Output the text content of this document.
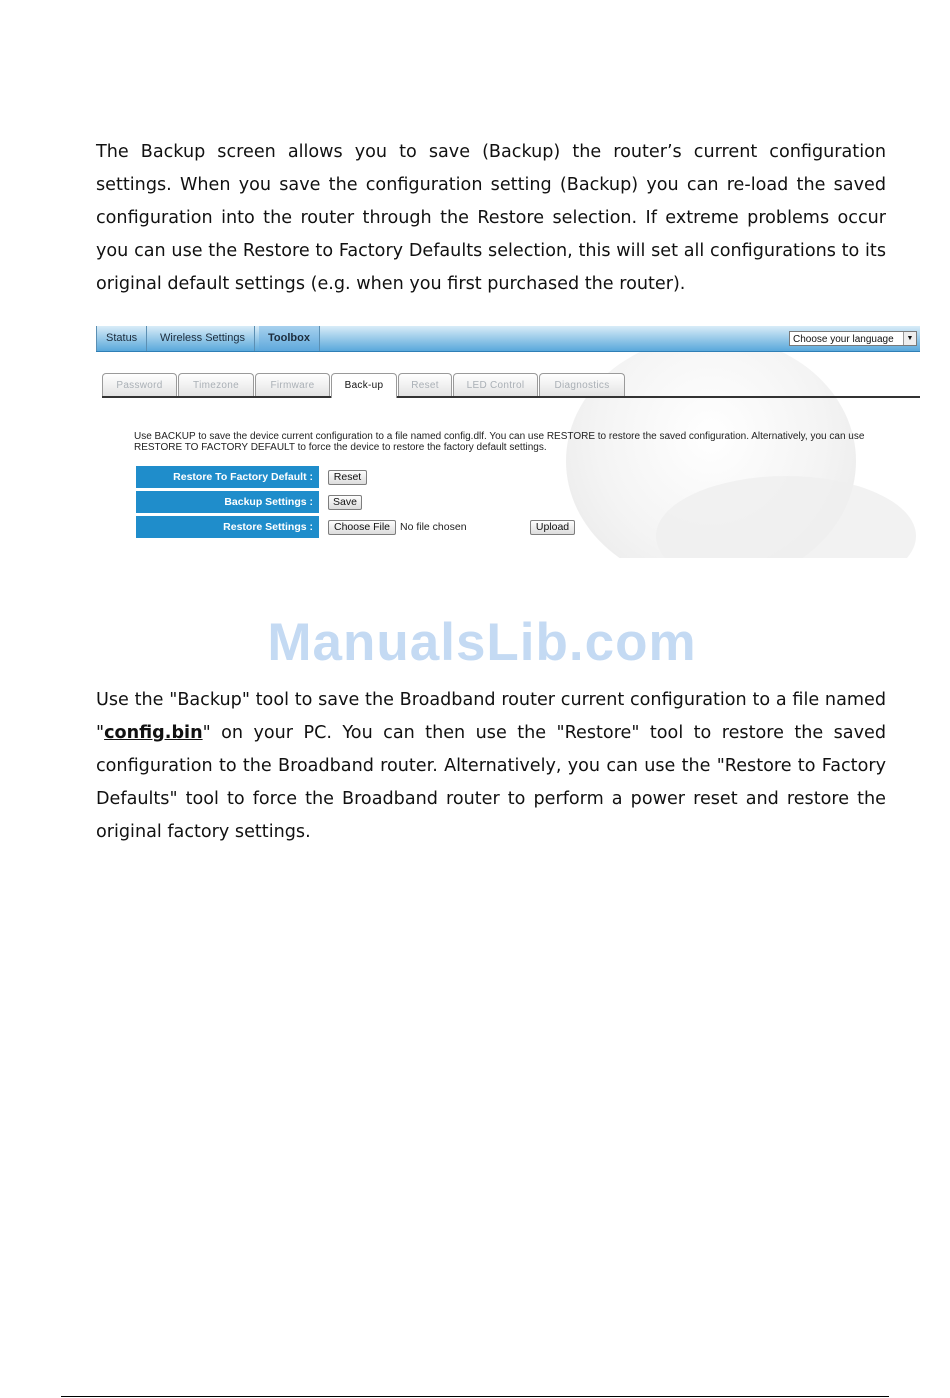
The Backup screen allows you to save (Backup) the router’s current configuration settings. When you save the configuration setting (Backup) you can re-load the saved configuration into the router through the Restore selection. If extreme problems occur you can use the Restore to Factory Defaults selection, this will set all configurations to its original default settings (e.g. when you first purchased the router).

Status	Wireless Settings	Toolbox	Choose your language	▼
Password	Timezone	Firmware	Back-up	Reset	LED Control	Diagnostics
Use BACKUP to save the device current configuration to a file named config.dlf. You can use RESTORE to restore the saved configuration. Alternatively, you can use RESTORE TO FACTORY DEFAULT to force the device to restore the factory default settings.
Restore To Factory Default :	Reset
Backup Settings :	Save
Restore Settings :	Choose File No file chosen	Upload
ManualsLib.com

Use the "Backup" tool to save the Broadband router current configuration to a file named "config.bin" on your PC. You can then use the "Restore" tool to restore the saved configuration to the Broadband router. Alternatively, you can use the "Restore to Factory Defaults" tool to force the Broadband router to perform a power reset and restore the original factory settings.
